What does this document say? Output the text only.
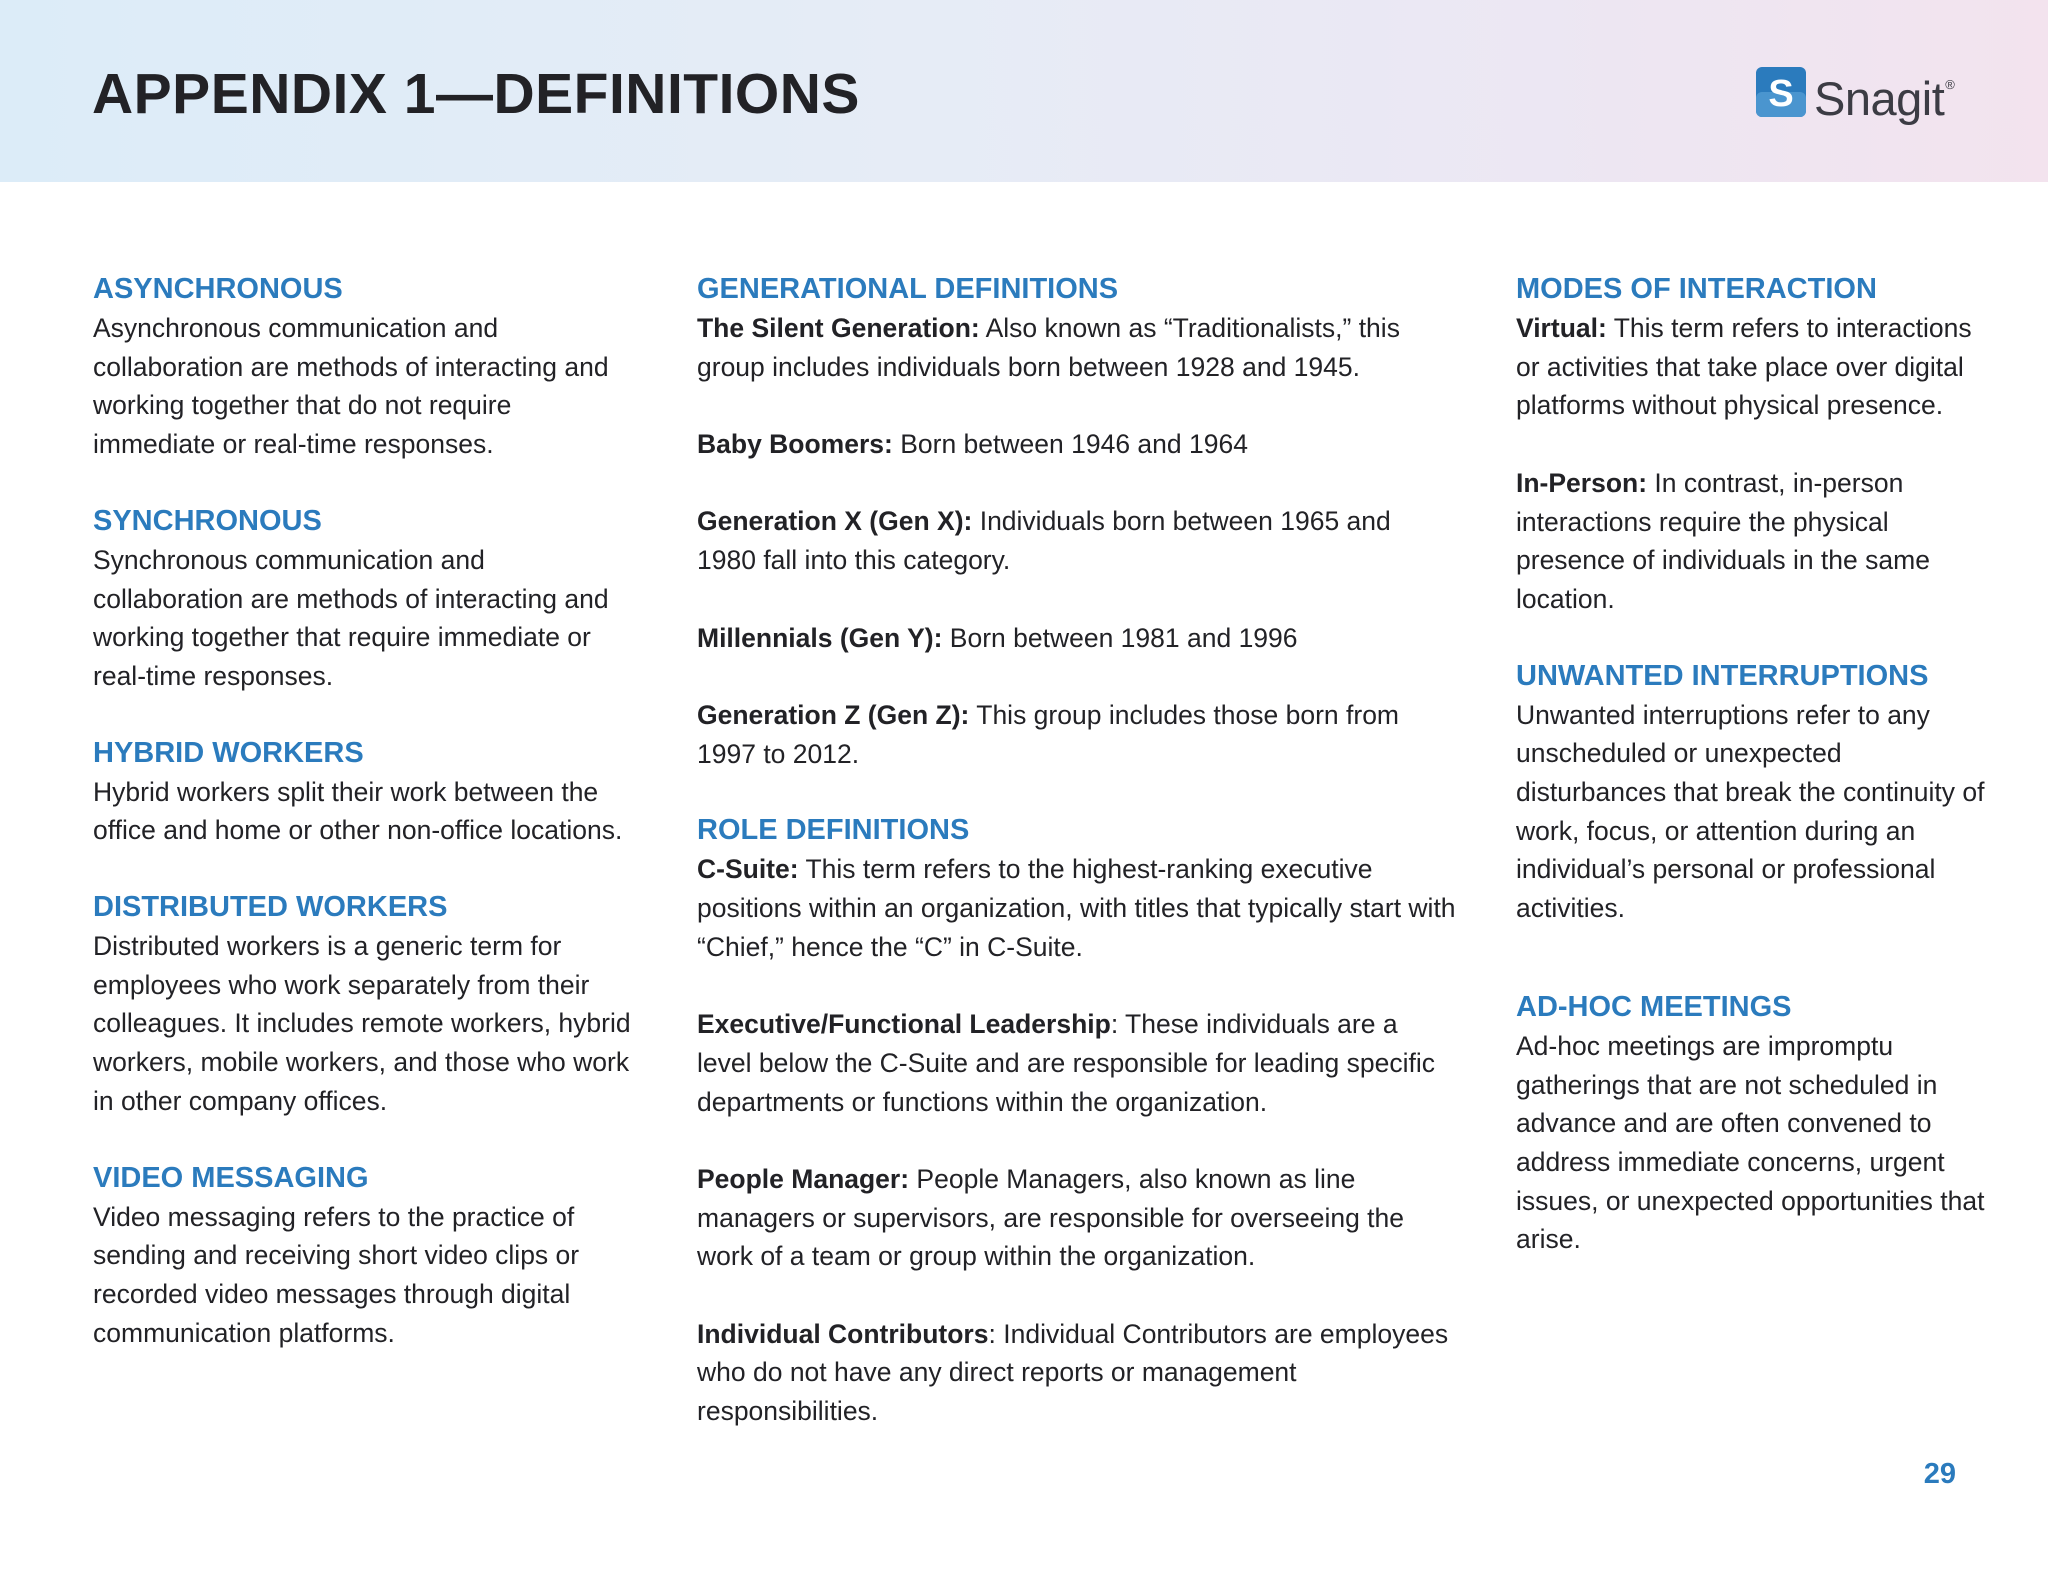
APPENDIX 1—DEFINITIONS	S Snagit®
ASYNCHRONOUS

Asynchronous communication and collaboration are methods of interacting and working together that do not require immediate or real-time responses.

SYNCHRONOUS

Synchronous communication and collaboration are methods of interacting and working together that require immediate or real-time responses.

HYBRID WORKERS

Hybrid workers split their work between the office and home or other non-office locations.

DISTRIBUTED WORKERS

Distributed workers is a generic term for employees who work separately from their colleagues. It includes remote workers, hybrid workers, mobile workers, and those who work in other company offices.

VIDEO MESSAGING

Video messaging refers to the practice of sending and receiving short video clips or recorded video messages through digital communication platforms.

GENERATIONAL DEFINITIONS

The Silent Generation: Also known as “Traditionalists,” this group includes individuals born between 1928 and 1945.

Baby Boomers: Born between 1946 and 1964

Generation X (Gen X): Individuals born between 1965 and 1980 fall into this category.

Millennials (Gen Y): Born between 1981 and 1996

Generation Z (Gen Z): This group includes those born from 1997 to 2012.

ROLE DEFINITIONS

C-Suite: This term refers to the highest-ranking executive positions within an organization, with titles that typically start with “Chief,” hence the “C” in C-Suite.

Executive/Functional Leadership: These individuals are a level below the C-Suite and are responsible for leading specific departments or functions within the organization.

People Manager: People Managers, also known as line managers or supervisors, are responsible for overseeing the work of a team or group within the organization.

Individual Contributors: Individual Contributors are employees who do not have any direct reports or management responsibilities.

MODES OF INTERACTION

Virtual: This term refers to interactions or activities that take place over digital platforms without physical presence.

In-Person: In contrast, in-person interactions require the physical presence of individuals in the same location.

UNWANTED INTERRUPTIONS

Unwanted interruptions refer to any unscheduled or unexpected disturbances that break the continuity of work, focus, or attention during an individual’s personal or professional activities.

AD-HOC MEETINGS

Ad-hoc meetings are impromptu gatherings that are not scheduled in advance and are often convened to address immediate concerns, urgent issues, or unexpected opportunities that arise.

29
